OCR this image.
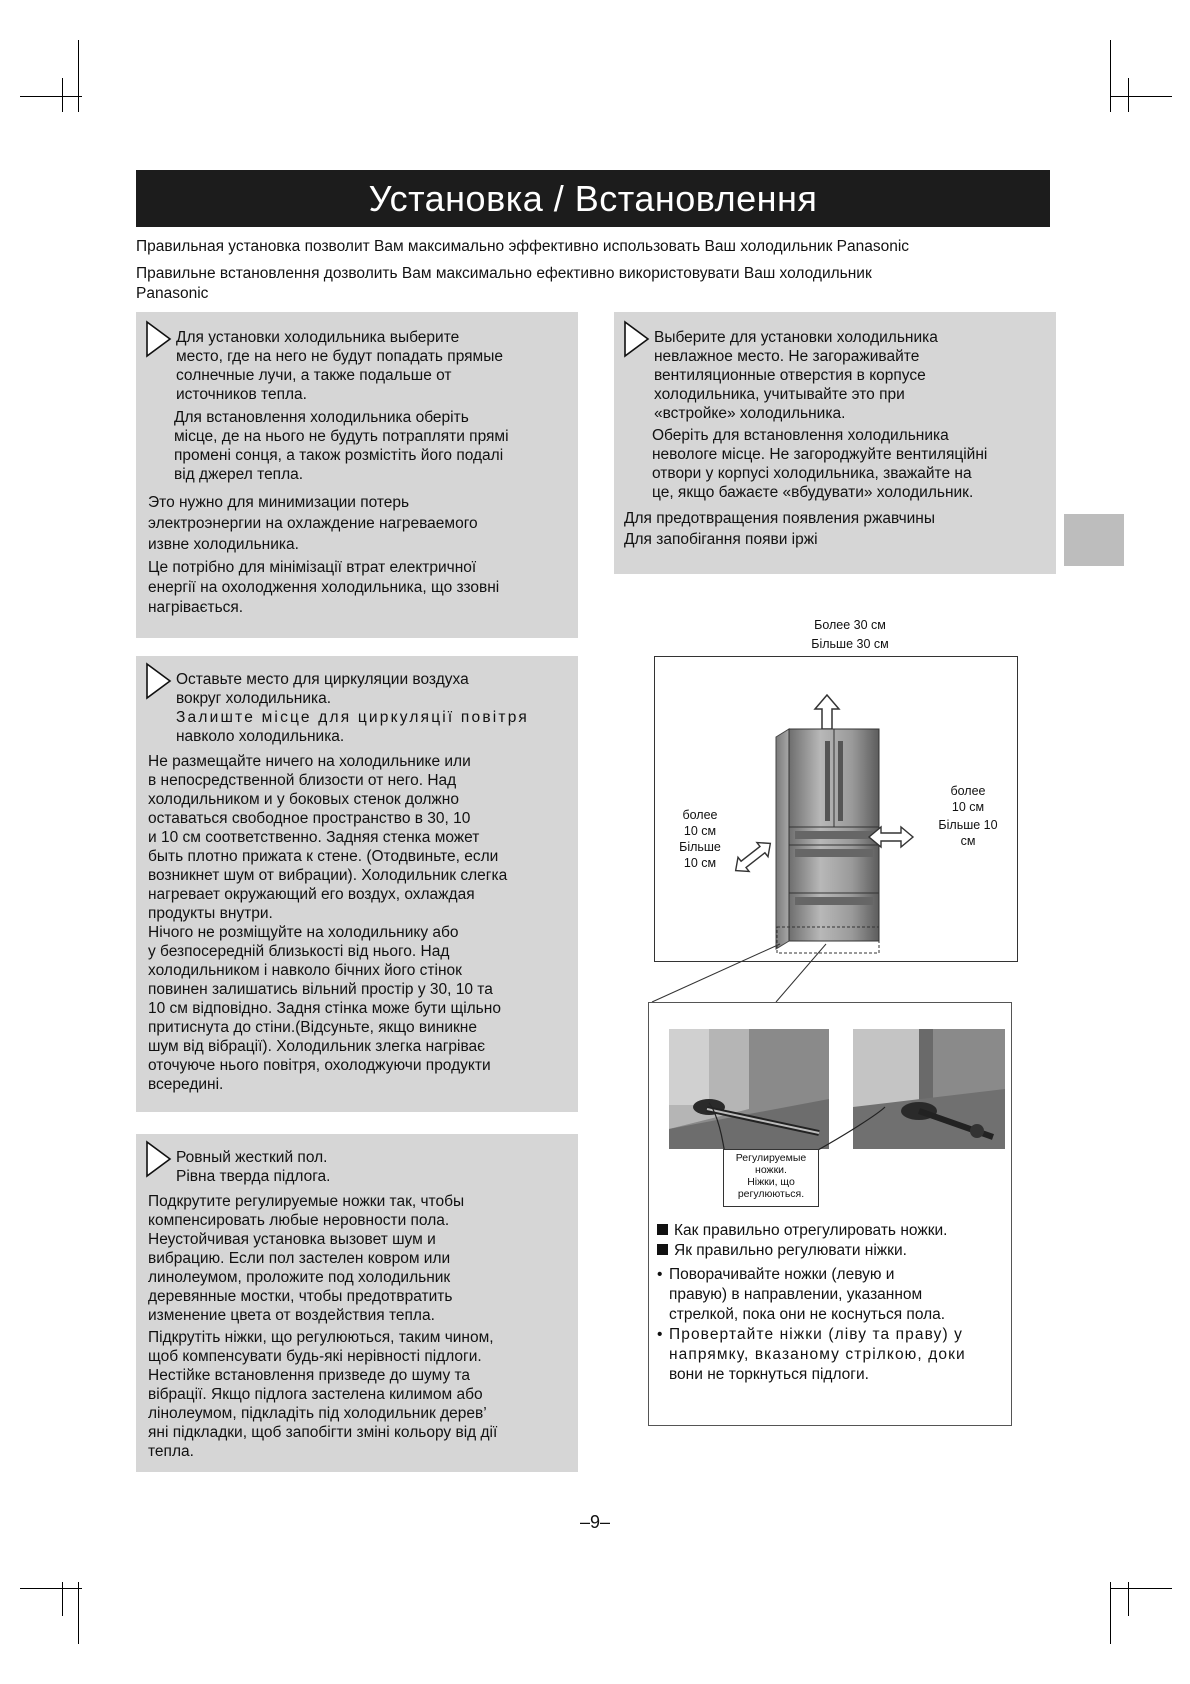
Установка / Встановлення

Правильная установка позволит Вам максимально эффективно использовать Ваш холодильник Panasonic

Правильне встановлення дозволить Вам максимально ефективно використовувати Ваш холодильник

Panasonic

Для установки холодильника выберите

место, где на него не будут попадать прямые

солнечные лучи, а также подальше от

источников тепла.

Для встановлення холодильника оберіть

місце, де на нього не будуть потрапляти прямі

промені сонця, а також розмістіть його подалі

від джерел тепла.

Это нужно для минимизации потерь

электроэнергии на охлаждение нагреваемого

извне холодильника.

Це потрібно для мінімізації втрат електричної

енергії на охолодження холодильника, що ззовні

нагрівається.

Выберите для установки холодильника

невлажное место. Не загораживайте

вентиляционные отверстия в корпусе

холодильника, учитывайте это при

«встройке» холодильника.

Оберіть для встановлення холодильника

невологе місце. Не загороджуйте вентиляційні

отвори у корпусі холодильника, зважайте на

це, якщо бажаєте «вбудувати» холодильник.

Для предотвращения появления ржавчины

Для запобігання появи іржі

Оставьте место для циркуляции воздуха

вокруг холодильника.

Залиште місце для циркуляції повітря

навколо холодильника.

Не размещайте ничего на холодильнике или

в непосредственной близости от него. Над

холодильником и у боковых стенок должно

оставаться свободное пространство в 30, 10

и 10 см соответственно. Задняя стенка может

быть плотно прижата к стене. (Отодвиньте, если

возникнет шум от вибрации). Холодильник слегка

нагревает окружающий его воздух, охлаждая

продукты внутри.

Нічого не розміщуйте на холодильнику або

у безпосередній близькості від нього. Над

холодильником і навколо бічних його стінок

повинен залишатись вільний простір у 30, 10 та

10 см відповідно. Задня стінка може бути щільно

притиснута до стіни.(Відсуньте, якщо виникне

шум від вібрації). Холодильник злегка нагріває

оточуюче нього повітря, охолоджуючи продукти

всередині.

Ровный жесткий пол.

Рівна тверда підлога.

Подкрутите регулируемые ножки так, чтобы

компенсировать любые неровности пола.

Неустойчивая установка вызовет шум и

вибрацию. Если пол застелен ковром или

линолеумом, проложите под холодильник

деревянные мостки, чтобы предотвратить

изменение цвета от воздействия тепла.

Підкрутіть ніжки, що регулюються, таким чином,

щоб компенсувати будь-які нерівності підлоги.

Нестійке встановлення призведе до шуму та

вібрації. Якщо підлога застелена килимом або

лінолеумом, підкладіть під холодильник дерев’

яні підкладки, щоб запобігти зміні кольору від дії

тепла.

Более 30 см
Більше 30 см
более
10 см
Більше
10 см
более
10 см
Більше 10
см

Регулируемые

ножки.

Ніжки, що

регулюються.

Как правильно отрегулировать ножки.

Як правильно регулювати ніжки.

• Поворачивайте ножки (левую и

правую) в направлении, указанном

стрелкой, пока они не коснуться пола.

• Провертайте ніжки (ліву та праву) у

напрямку, вказаному стрілкою, доки

вони не торкнуться підлоги.

–9–
